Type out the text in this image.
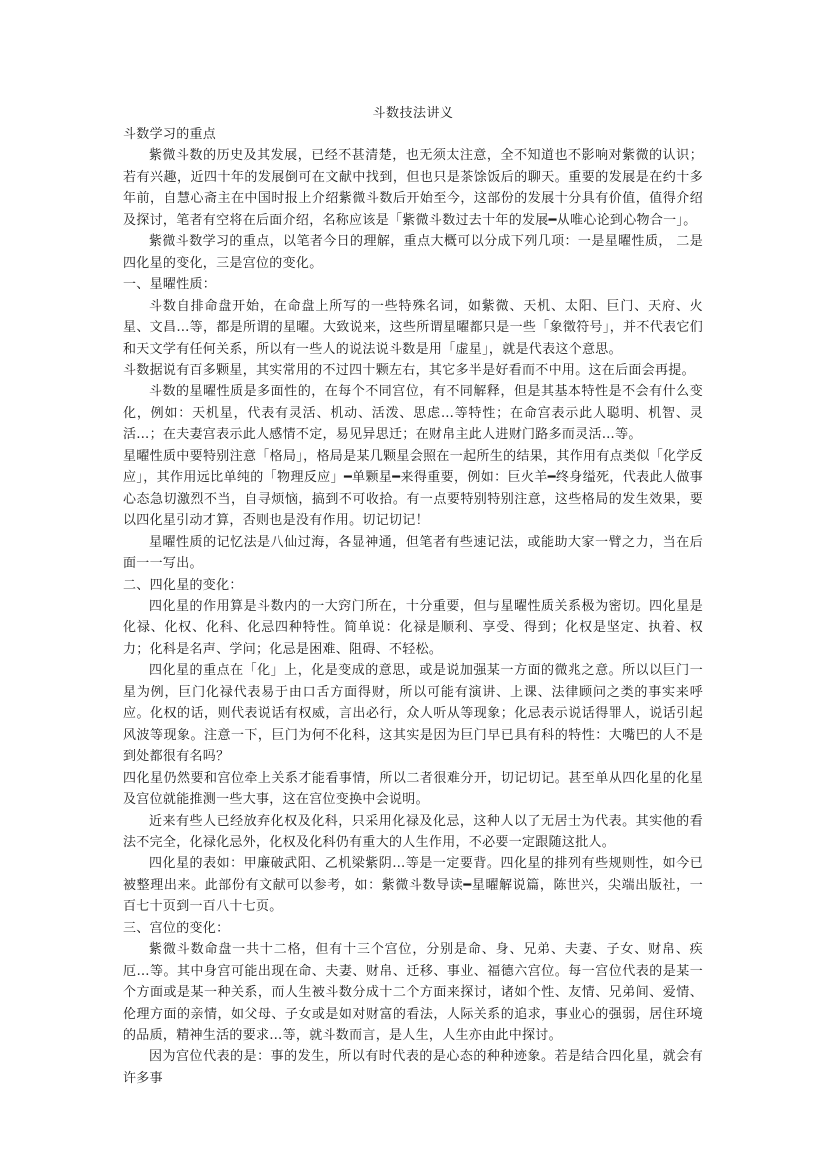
斗数技法讲义

斗数学习的重点

紫微斗数的历史及其发展，已经不甚清楚，也无须太注意，全不知道也不影响对紫微的认识；若有兴趣，近四十年的发展倒可在文献中找到，但也只是茶馀饭后的聊天。重要的发展是在约十多年前，自慧心斋主在中国时报上介绍紫微斗数后开始至今，这部份的发展十分具有价值，值得介绍及探讨，笔者有空将在后面介绍，名称应该是「紫微斗数过去十年的发展━从唯心论到心物合一」。

紫微斗数学习的重点，以笔者今日的理解，重点大概可以分成下列几项：一是星曜性质， 二是四化星的变化，三是宫位的变化。

一、星曜性质：

斗数自排命盘开始，在命盘上所写的一些特殊名词，如紫微、天机、太阳、巨门、天府、火星、文昌…等，都是所谓的星曜。大致说来，这些所谓星曜都只是一些「象徵符号」，并不代表它们和天文学有任何关系，所以有一些人的说法说斗数是用「虚星」，就是代表这个意思。

斗数据说有百多颗星，其实常用的不过四十颗左右，其它多半是好看而不中用。这在后面会再提。

斗数的星曜性质是多面性的，在每个不同宫位，有不同解释，但是其基本特性是不会有什么变化，例如：天机星，代表有灵活、机动、活泼、思虑…等特性；在命宫表示此人聪明、机智、灵活…；在夫妻宫表示此人感情不定，易见异思迁；在财帛主此人进财门路多而灵活…等。

星曜性质中要特别注意「格局」，格局是某几颗星会照在一起所生的结果，其作用有点类似「化学反应」，其作用远比单纯的「物理反应」━单颗星━来得重要，例如：巨火羊━终身缢死，代表此人做事心态急切激烈不当，自寻烦恼，搞到不可收拾。有一点要特别特别注意，这些格局的发生效果，要以四化星引动才算，否则也是没有作用。切记切记！

星曜性质的记忆法是八仙过海，各显神通，但笔者有些速记法，或能助大家一臂之力，当在后面一一写出。

二、四化星的变化：

四化星的作用算是斗数内的一大窍门所在，十分重要，但与星曜性质关系极为密切。四化星是化禄、化权、化科、化忌四种特性。简单说：化禄是顺利、享受、得到；化权是坚定、执着、权力；化科是名声、学问；化忌是困难、阻碍、不轻松。

四化星的重点在「化」上，化是变成的意思，或是说加强某一方面的微兆之意。所以以巨门一星为例，巨门化禄代表易于由口舌方面得财，所以可能有演讲、上课、法律顾问之类的事实来呼应。化权的话，则代表说话有权威，言出必行，众人听从等现象；化忌表示说话得罪人，说话引起风波等现象。注意一下，巨门为何不化科，这其实是因为巨门早已具有科的特性：大嘴巴的人不是到处都很有名吗？

四化星仍然要和宫位牵上关系才能看事情，所以二者很难分开，切记切记。甚至单从四化星的化星及宫位就能推测一些大事，这在宫位变换中会说明。

近来有些人已经放弃化权及化科，只采用化禄及化忌，这种人以了无居士为代表。其实他的看法不完全，化禄化忌外，化权及化科仍有重大的人生作用，不必要一定跟随这批人。

四化星的表如：甲廉破武阳、乙机梁紫阴…等是一定要背。四化星的排列有些规则性，如今已被整理出来。此部份有文献可以参考，如：紫微斗数导读━星曜解说篇，陈世兴，尖端出版社，一百七十页到一百八十七页。

三、宫位的变化：

紫微斗数命盘一共十二格，但有十三个宫位，分别是命、身、兄弟、夫妻、子女、财帛、疾厄…等。其中身宫可能出现在命、夫妻、财帛、迁移、事业、福德六宫位。每一宫位代表的是某一个方面或是某一种关系，而人生被斗数分成十二个方面来探讨，诸如个性、友情、兄弟间、爱情、伦理方面的亲情，如父母、子女或是如对财富的看法，人际关系的追求，事业心的强弱，居住环境的品质，精神生活的要求…等，就斗数而言，是人生，人生亦由此中探讨。

因为宫位代表的是：事的发生，所以有时代表的是心态的种种迹象。若是结合四化星，就会有许多事
